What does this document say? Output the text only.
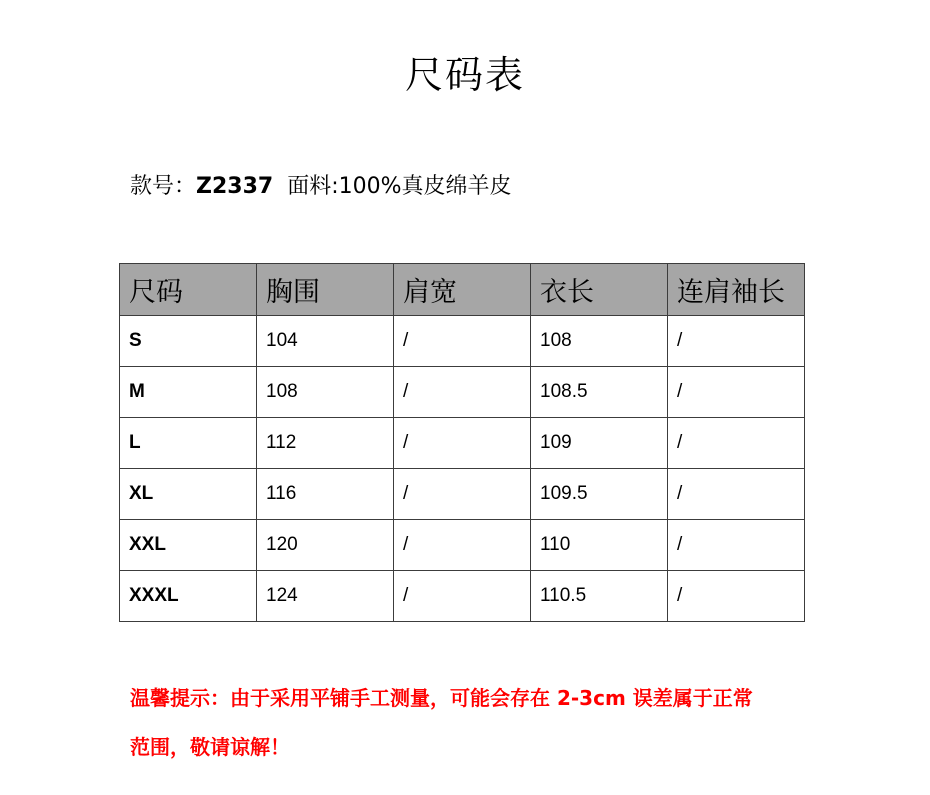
尺码表
款号：Z2337 面料:100%真皮绵羊皮
尺码	胸围	肩宽	衣长	连肩袖长
S	104	/	108	/
M	108	/	108.5	/
L	112	/	109	/
XL	116	/	109.5	/
XXL	120	/	110	/
XXXL	124	/	110.5	/
温馨提示：由于采用平铺手工测量，可能会存在 2-3cm 误差属于正常
范围，敬请谅解！
